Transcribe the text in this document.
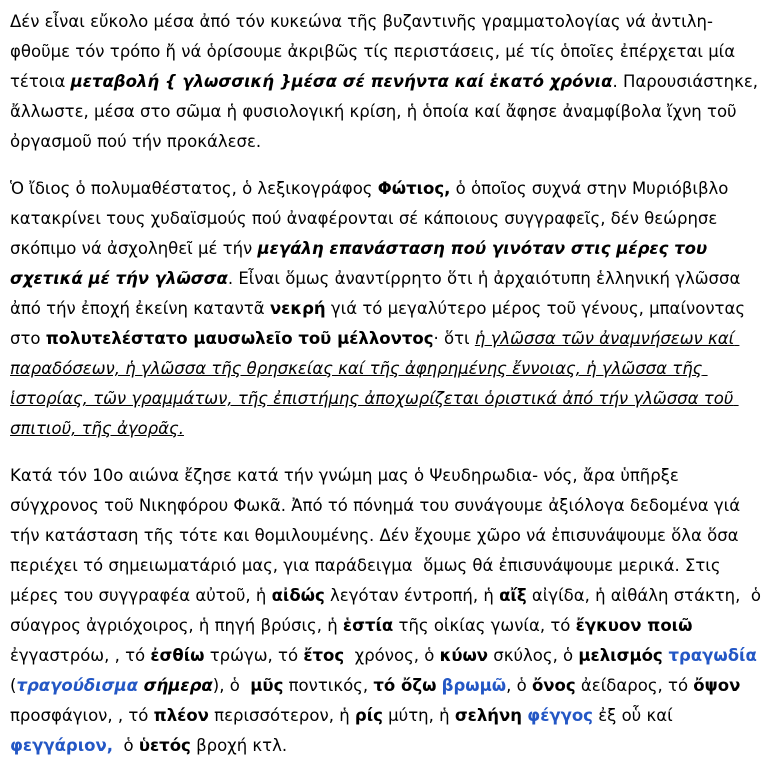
Δέν εἶναι εὔκολο μέσα ἀπό τόν κυκεώνα τῆς βυζαντινῆς γραμματολογίας νά ἀντιλη-φθοῦμε τόν τρόπο ἤ νά ὁρίσουμε ἀκριβῶς τίς περιστάσεις, μέ τίς ὁποῖες ἐπέρχεται μία τέτοια μεταβολή { γλωσσική }μέσα σέ πενήντα καί ἑκατό χρόνια. Παρουσιάστηκε, ἄλλωστε, μέσα στο σῶμα ἡ φυσιολογική κρίση, ἡ ὁποία καί ἄφησε ἀναμφίβολα ἴχνη τοῦ ὀργασμοῦ πού τήν προκάλεσε.

Ὁ ἴδιος ὁ πολυμαθέστατος, ὁ λεξικογράφος Φώτιος, ὁ ὁποῖος συχνά στην Μυριόβιβλο κατακρίνει τους χυδαϊσμούς πού ἀναφέρονται σέ κάποιους συγγραφεῖς, δέν θεώρησε σκόπιμο νά ἀσχοληθεῖ μέ τήν μεγάλη επανάσταση πού γινόταν στις μέρες του σχετικά μέ τήν γλῶσσα. Εἶναι ὅμως ἀναντίρρητο ὅτι ἡ ἀρχαιότυπη ἑλληνική γλῶσσα ἀπό τήν ἐποχή ἐκείνη καταντᾶ νεκρή γιά τό μεγαλύτερο μέρος τοῦ γένους, μπαίνοντας στο πολυτελέστατο μαυσωλεῖο τοῦ μέλλοντος· ὅτι ἡ γλῶσσα τῶν ἀναμνήσεων καί παραδόσεων, ἡ γλῶσσα τῆς θρησκείας καί τῆς ἀφηρημένης ἔννοιας, ἡ γλῶσσα τῆς ἱστορίας, τῶν γραμμάτων, τῆς ἐπιστήμης ἀποχωρίζεται ὁριστικά ἀπό τήν γλῶσσα τοῦ σπιτιοῦ, τῆς ἀγορᾶς.

Κατά τόν 10ο αιώνα ἔζησε κατά τήν γνώμη μας ὁ Ψευδηρωδια- νός, ἄρα ὑπῆρξε σύγχρονος τοῦ Νικηφόρου Φωκᾶ. Ἀπό τό πόνημά του συνάγουμε ἀξιόλογα δεδομένα γιά τήν κατάσταση τῆς τότε και θομιλουμένης. Δέν ἔχουμε χῶρο νά ἐπισυνάψουμε ὅλα ὅσα περιέχει τό σημειωματάριό μας, για παράδειγμα  ὅμως θά ἐπισυνάψουμε μερικά. Στις μέρες του συγγραφέα αὐτοῦ, ἡ αἰδώς λεγόταν έντροπή, ἡ αἴξ αἰγίδα, ἡ αἰθάλη στάκτη,  ὁ σύαγρος ἀγριόχοιρος, ἡ πηγή βρύσις, ἡ ἑστία τῆς οἰκίας γωνία, τό ἔγκυον ποιῶ ἐγγαστρόω, , τό ἐσθίω τρώγω, τό ἔτος  χρόνος, ὁ κύων σκύλος, ὁ μελισμός τραγωδία (τραγούδισμα σήμερα), ὁ  μῦς ποντικός, τό ὄζω βρωμῶ, ὁ ὄνος ἀείδαρος, τό ὄψον προσφάγιον, , τό πλέον περισσότερον, ἡ ρίς μύτη, ἡ σελήνη φέγγος ἐξ οὗ καί φεγγάριον,  ὁ ὑετός βροχή κτλ.
